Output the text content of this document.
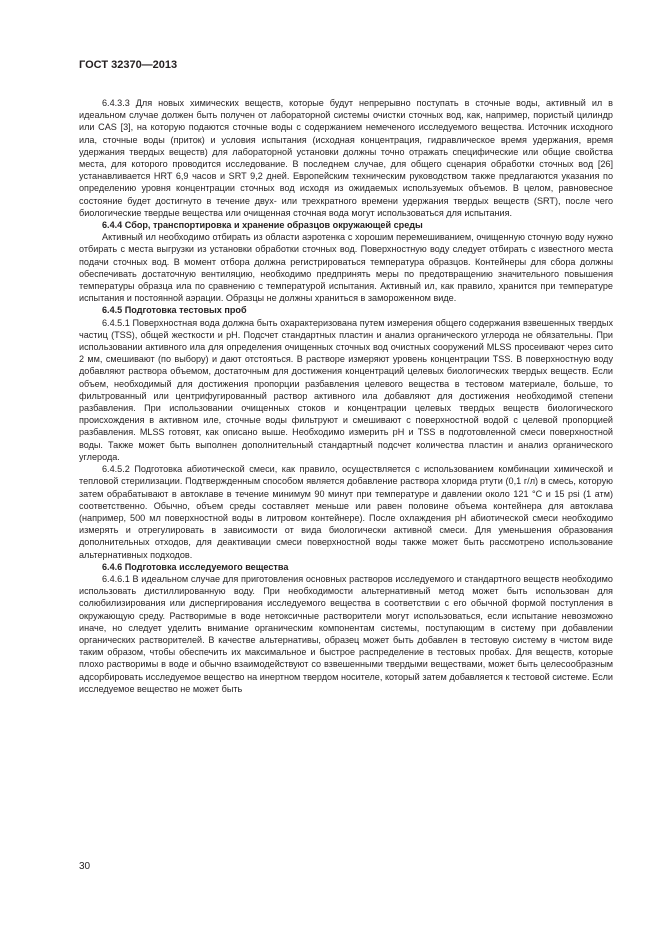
ГОСТ 32370—2013

6.4.3.3 Для новых химических веществ, которые будут непрерывно поступать в сточные воды, активный ил в идеальном случае должен быть получен от лабораторной системы очистки сточных вод, как, например, пористый цилиндр или CAS [3], на которую подаются сточные воды с содержанием немеченого исследуемого вещества. Источник исходного ила, сточные воды (приток) и условия испытания (исходная концентрация, гидравлическое время удержания, время удержания твердых веществ) для лабораторной установки должны точно отражать специфические или общие свойства места, для которого проводится исследование. В последнем случае, для общего сценария обработки сточных вод [26] устанавливается HRT 6,9 часов и SRT 9,2 дней. Европейским техническим руководством также предлагаются указания по определению уровня концентрации сточных вод исходя из ожидаемых используемых объемов. В целом, равновесное состояние будет достигнуто в течение двух- или трехкратного времени удержания твердых веществ (SRT), после чего биологические твердые вещества или очищенная сточная вода могут использоваться для испытания.

6.4.4 Сбор, транспортировка и хранение образцов окружающей среды

Активный ил необходимо отбирать из области аэротенка с хорошим перемешиванием, очищенную сточную воду нужно отбирать с места выгрузки из установки обработки сточных вод. Поверхностную воду следует отбирать с известного места подачи сточных вод. В момент отбора должна регистрироваться температура образцов. Контейнеры для сбора должны обеспечивать достаточную вентиляцию, необходимо предпринять меры по предотвращению значительного повышения температуры образца ила по сравнению с температурой испытания. Активный ил, как правило, хранится при температуре испытания и постоянной аэрации. Образцы не должны храниться в замороженном виде.

6.4.5 Подготовка тестовых проб

6.4.5.1 Поверхностная вода должна быть охарактеризована путем измерения общего содержания взвешенных твердых частиц (TSS), общей жесткости и pH. Подсчет стандартных пластин и анализ органического углерода не обязательны. При использовании активного ила для определения очищенных сточных вод очистных сооружений MLSS просеивают через сито 2 мм, смешивают (по выбору) и дают отстояться. В растворе измеряют уровень концентрации TSS. В поверхностную воду добавляют раствора объемом, достаточным для достижения концентраций целевых биологических твердых веществ. Если объем, необходимый для достижения пропорции разбавления целевого вещества в тестовом материале, больше, то фильтрованный или центрифугированный раствор активного ила добавляют для достижения необходимой степени разбавления. При использовании очищенных стоков и концентрации целевых твердых веществ биологического происхождения в активном иле, сточные воды фильтруют и смешивают с поверхностной водой с целевой пропорцией разбавления. MLSS готовят, как описано выше. Необходимо измерить pH и TSS в подготовленной смеси поверхностной воды. Также может быть выполнен дополнительный стандартный подсчет количества пластин и анализ органического углерода.

6.4.5.2 Подготовка абиотической смеси, как правило, осуществляется с использованием комбинации химической и тепловой стерилизации. Подтвержденным способом является добавление раствора хлорида ртути (0,1 г/л) в смесь, которую затем обрабатывают в автоклаве в течение минимум 90 минут при температуре и давлении около 121 °С и 15 psi (1 атм) соответственно. Обычно, объем среды составляет меньше или равен половине объема контейнера для автоклава (например, 500 мл поверхностной воды в литровом контейнере). После охлаждения pH абиотической смеси необходимо измерять и отрегулировать в зависимости от вида биологически активной смеси. Для уменьшения образования дополнительных отходов, для деактивации смеси поверхностной воды также может быть рассмотрено использование альтернативных подходов.

6.4.6 Подготовка исследуемого вещества

6.4.6.1 В идеальном случае для приготовления основных растворов исследуемого и стандартного веществ необходимо использовать дистиллированную воду. При необходимости альтернативный метод может быть использован для солюбилизирования или диспергирования исследуемого вещества в соответствии с его обычной формой поступления в окружающую среду. Растворимые в воде нетоксичные растворители могут использоваться, если испытание невозможно иначе, но следует уделить внимание органическим компонентам системы, поступающим в систему при добавлении органических растворителей. В качестве альтернативы, образец может быть добавлен в тестовую систему в чистом виде таким образом, чтобы обеспечить их максимальное и быстрое распределение в тестовых пробах. Для веществ, которые плохо растворимы в воде и обычно взаимодействуют со взвешенными твердыми веществами, может быть целесообразным адсорбировать исследуемое вещество на инертном твердом носителе, который затем добавляется к тестовой системе. Если исследуемое вещество не может быть

30
